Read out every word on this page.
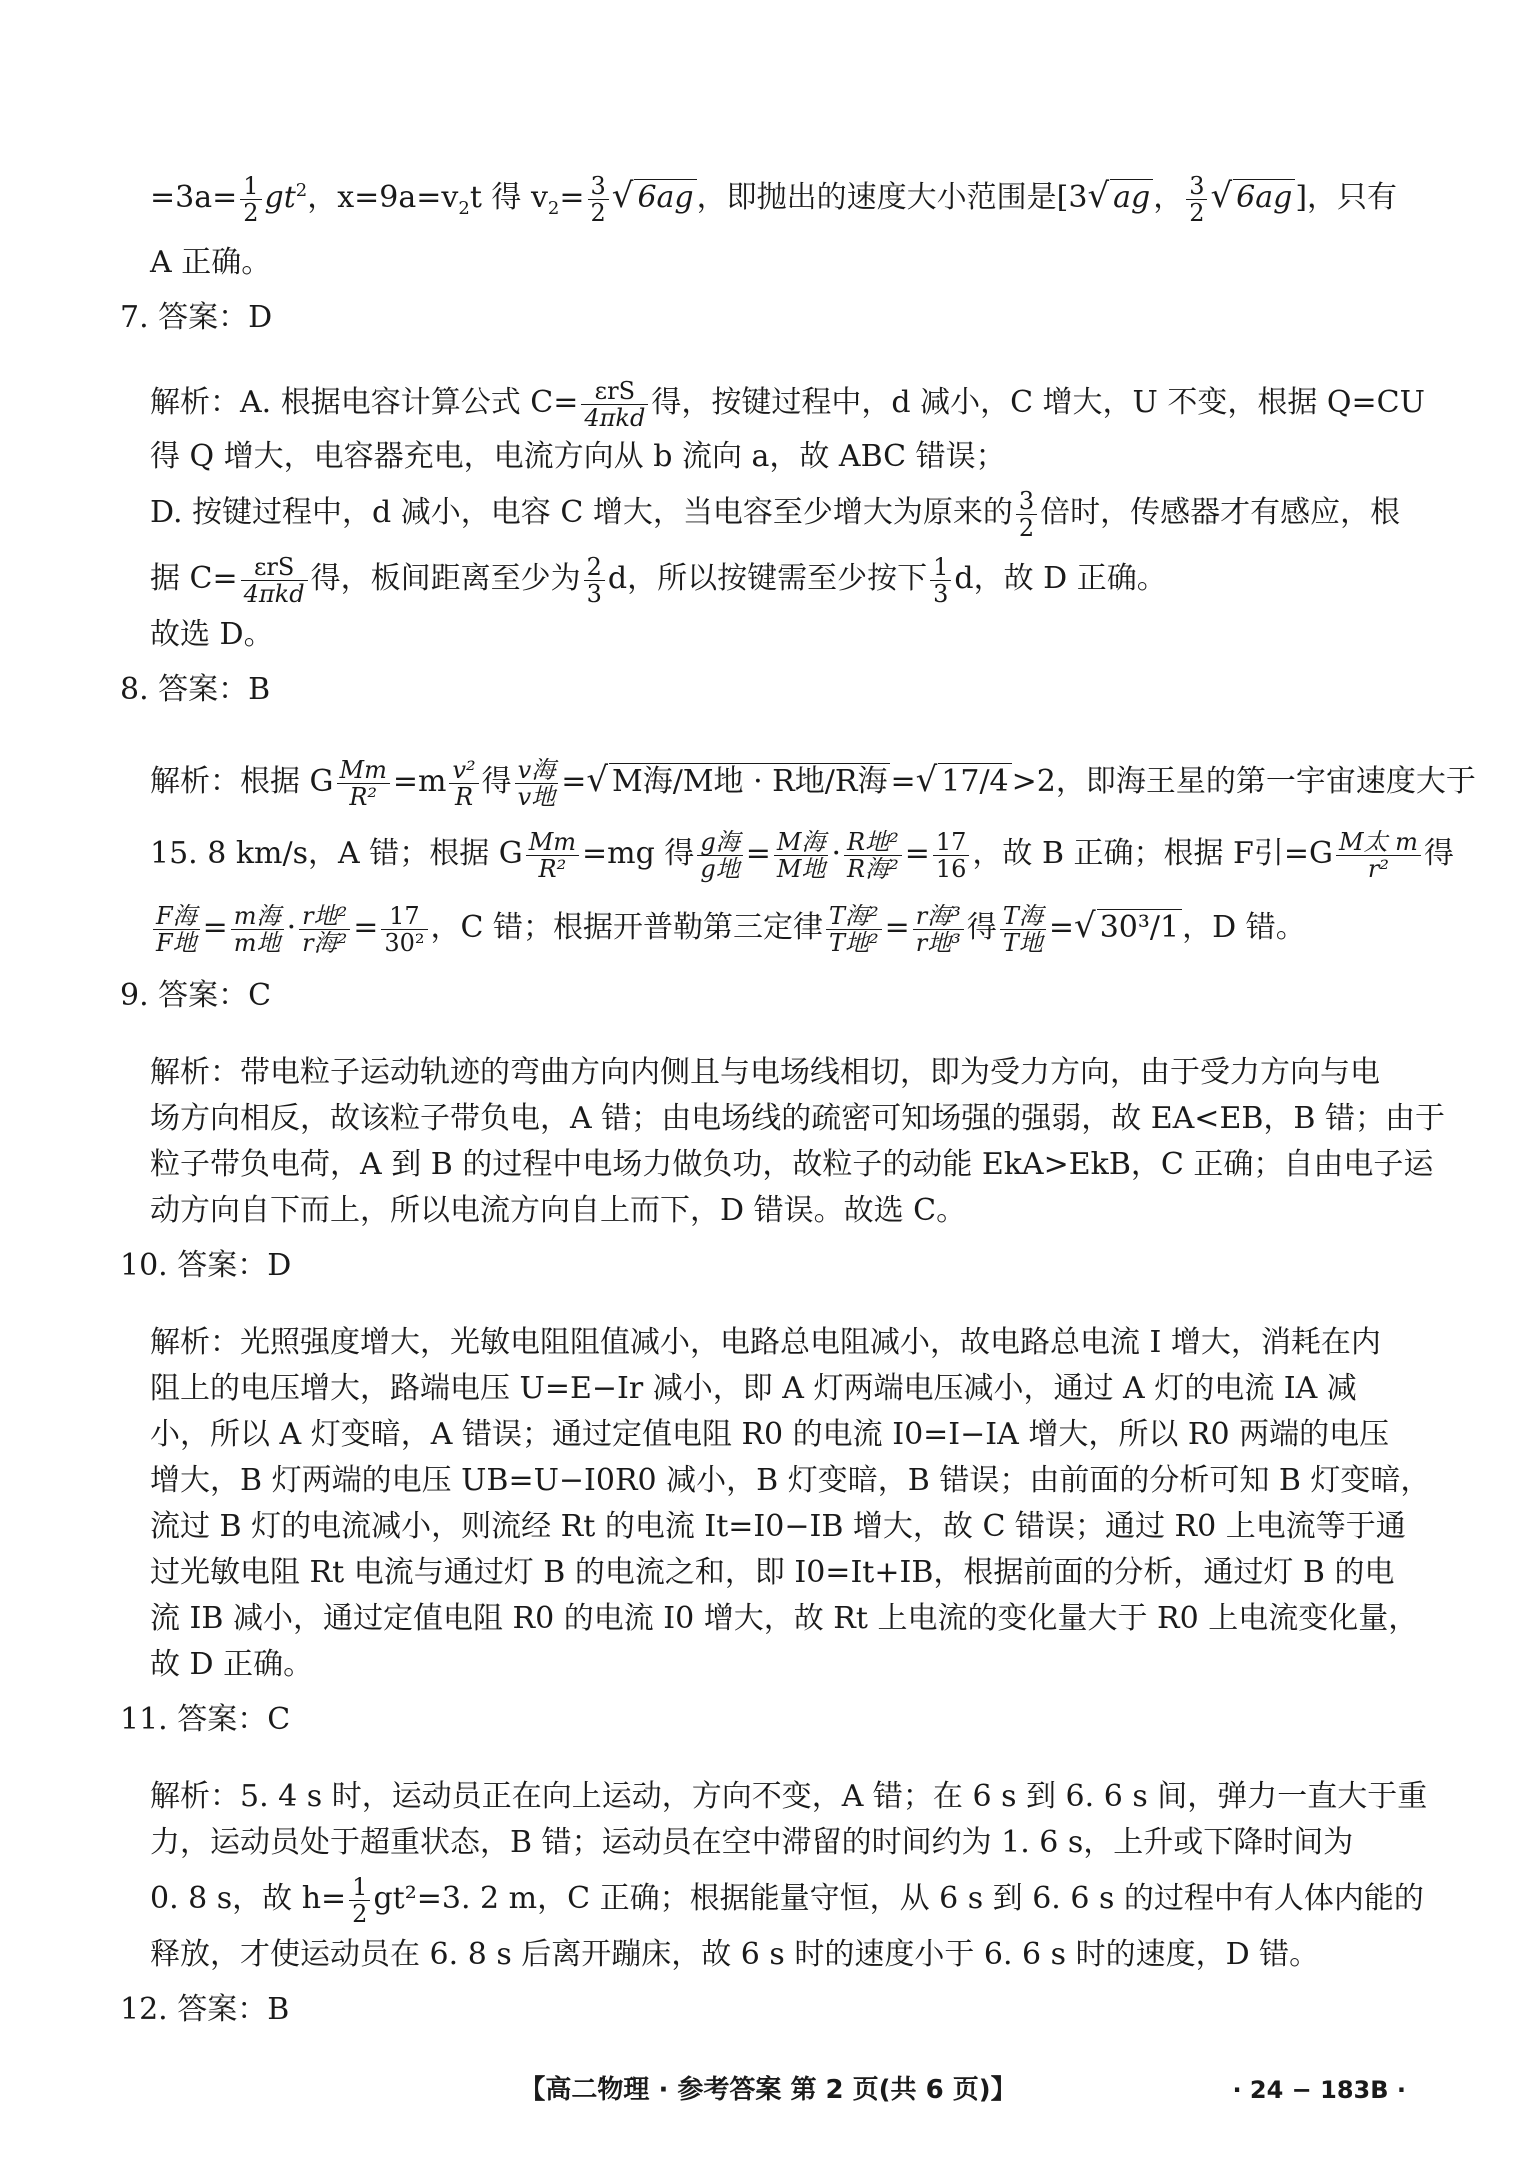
$=3a= \frac{1}{2} gt^2$，$x=9a=v_2t$ 得 $v_2= \frac{3}{2}$ √ 6ag ，即抛出的速度大小范围是[3√ ag ， $\frac{3}{2}$ √ 6ag ]，只有

A 正确。

7. 答案：D

解析：A. 根据电容计算公式 $C= \frac{\text{εrS}}{\text{4πkd}}$ 得，按键过程中，d 减小，C 增大，U 不变，根据 Q=CU

得 Q 增大，电容器充电，电流方向从 b 流向 a，故 ABC 错误；

D. 按键过程中，d 减小，电容 C 增大，当电容至少增大为原来的 $\frac{3}{2}$ 倍时，传感器才有感应，根

据 $C= \frac{\text{εrS}}{\text{4πkd}}$ 得，板间距离至少为 $\frac{2}{3}$ d，所以按键需至少按下 $\frac{1}{3}$ d，故 D 正确。

故选 D。

8. 答案：B

解析：根据 G $\frac{Mm}{\text{R²}} =m \frac{\text{v²}}{R}$ 得 $\frac{\text{v海}}{\text{v地}}$ =√ M海/M地 · R地/R海 =√ 17/4 >2，即海王星的第一宇宙速度大于

15. 8 km/s，A 错；根据 G $\frac{Mm}{\text{R²}} =mg$ 得 $\frac{\text{g海}}{\text{g地}} = \frac{\text{M海}}{\text{M地}} \cdot \frac{\text{R地²}}{\text{R海²}} = \frac{17}{16}$ ，故 B 正确；根据 F引$=G \frac{\text{M太 m}}{\text{r²}}$ 得

$\frac{\text{F海}}{\text{F地}} = \frac{\text{m海}}{\text{m地}} \cdot \frac{\text{r地²}}{\text{r海²}} = \frac{17}{\text{30²}}$ ，C 错；根据开普勒第三定律 $\frac{\text{T海²}}{\text{T地²}} = \frac{\text{r海³}}{\text{r地³}}$ 得 $\frac{\text{T海}}{\text{T地}}$ =√ 30³/1 ，D 错。

9. 答案：C

解析：带电粒子运动轨迹的弯曲方向内侧且与电场线相切，即为受力方向，由于受力方向与电

场方向相反，故该粒子带负电，A 错；由电场线的疏密可知场强的强弱，故 EA<EB，B 错；由于

粒子带负电荷，A 到 B 的过程中电场力做负功，故粒子的动能 EkA>EkB，C 正确；自由电子运

动方向自下而上，所以电流方向自上而下，D 错误。故选 C。

10. 答案：D

解析：光照强度增大，光敏电阻阻值减小，电路总电阻减小，故电路总电流 I 增大，消耗在内

阻上的电压增大，路端电压 U=E−Ir 减小，即 A 灯两端电压减小，通过 A 灯的电流 IA 减

小，所以 A 灯变暗，A 错误；通过定值电阻 R0 的电流 I0=I−IA 增大，所以 R0 两端的电压

增大，B 灯两端的电压 UB=U−I0R0 减小，B 灯变暗，B 错误；由前面的分析可知 B 灯变暗，

流过 B 灯的电流减小，则流经 Rt 的电流 It=I0−IB 增大，故 C 错误；通过 R0 上电流等于通

过光敏电阻 Rt 电流与通过灯 B 的电流之和，即 I0=It+IB，根据前面的分析，通过灯 B 的电

流 IB 减小，通过定值电阻 R0 的电流 I0 增大，故 Rt 上电流的变化量大于 R0 上电流变化量，

故 D 正确。

11. 答案：C

解析：5. 4 s 时，运动员正在向上运动，方向不变，A 错；在 6 s 到 6. 6 s 间，弹力一直大于重

力，运动员处于超重状态，B 错；运动员在空中滞留的时间约为 1. 6 s，上升或下降时间为

0. 8 s，故 $h= \frac{1}{2} gt^2=3$. 2 m，C 正确；根据能量守恒，从 6 s 到 6. 6 s 的过程中有人体内能的

释放，才使运动员在 6. 8 s 后离开蹦床，故 6 s 时的速度小于 6. 6 s 时的速度，D 错。

12. 答案：B

【高二物理 · 参考答案 第 2 页(共 6 页)】	· 24 − 183B ·
